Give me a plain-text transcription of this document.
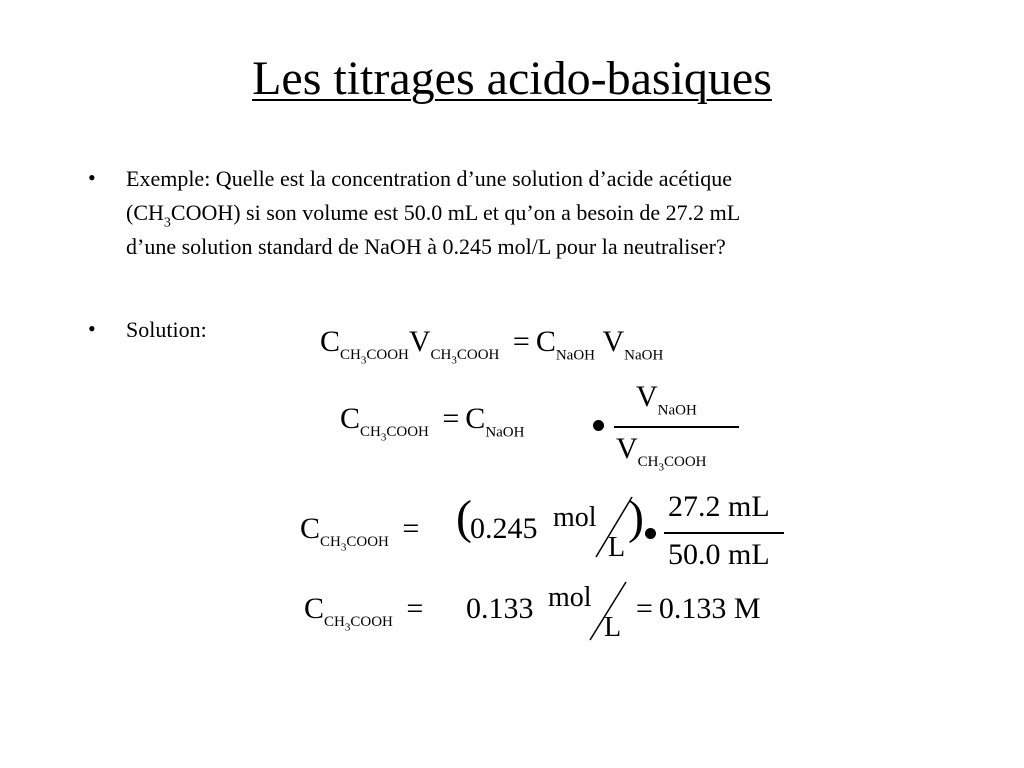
Les titrages acido-basiques
• Exemple: Quelle est la concentration d’une solution d’acide acétique
$(CH_3COOH)$ si son volume est 50.0 mL et qu’on a besoin de 27.2 mL
d’une solution standard de NaOH à 0.245 mol/L pour la neutraliser?
• Solution:	$C_{CH_3COOH}V_{CH_3COOH} = C_{NaOH}$ $V_{NaOH}$
$C_{CH_3COOH} = C_{NaOH}$
$V_{NaOH}$
$V_{CH_3COOH}$
$C_{CH_3COOH}$ = (
0.245 mol
L
) 27.2 mL
50.0 mL
$C_{CH_3COOH} = 0.133$ mol
L
= 0.133 M
